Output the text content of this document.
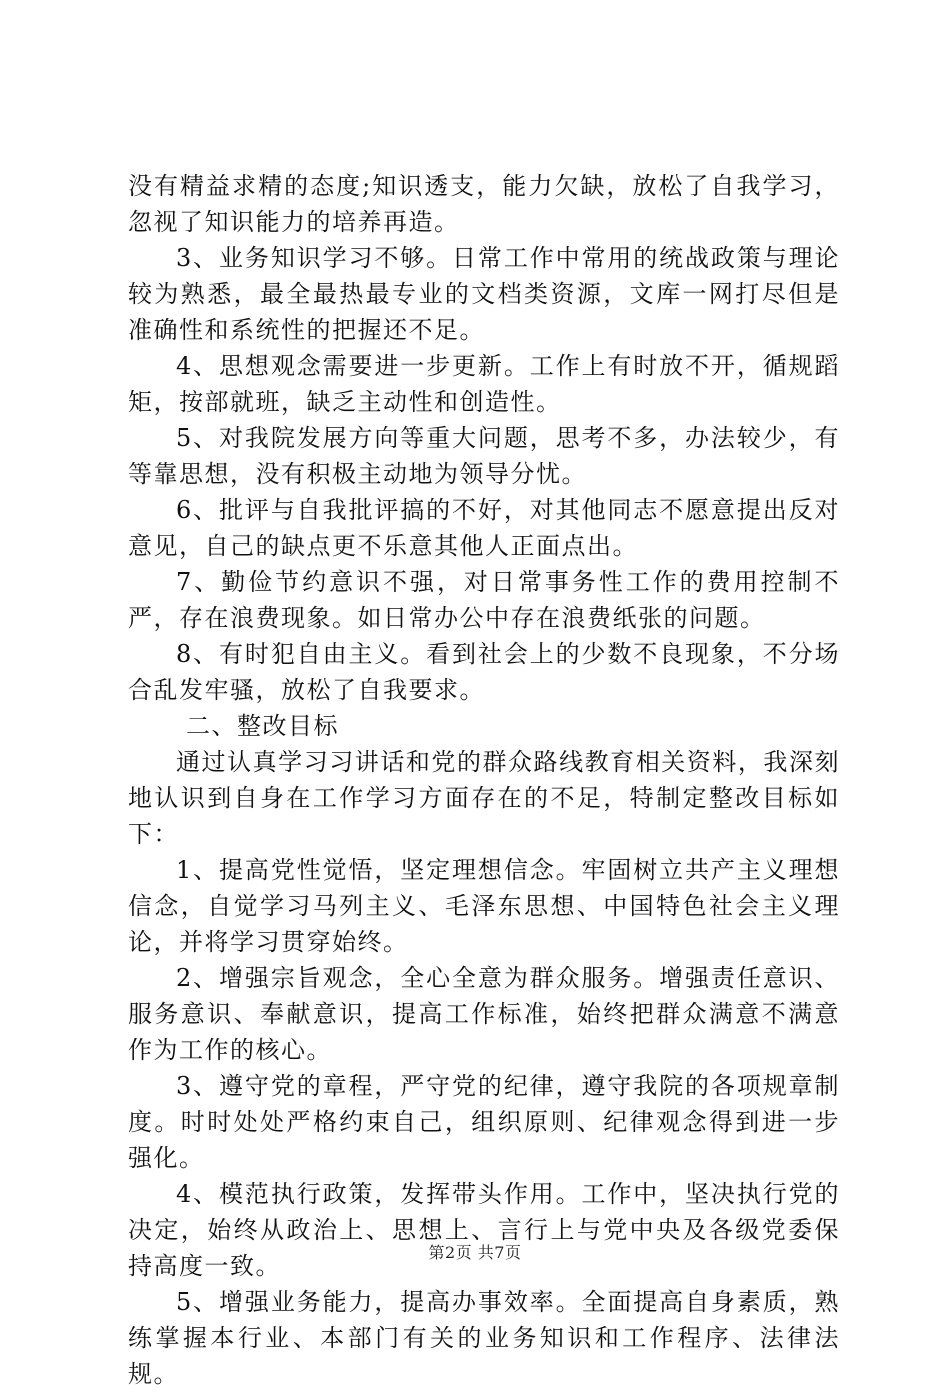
没有精益求精的态度;知识透支，能力欠缺，放松了自我学习，忽视了知识能力的培养再造。

3、业务知识学习不够。日常工作中常用的统战政策与理论较为熟悉，最全最热最专业的文档类资源，文库一网打尽但是准确性和系统性的把握还不足。

4、思想观念需要进一步更新。工作上有时放不开，循规蹈矩，按部就班，缺乏主动性和创造性。

5、对我院发展方向等重大问题，思考不多，办法较少，有等靠思想，没有积极主动地为领导分忧。

6、批评与自我批评搞的不好，对其他同志不愿意提出反对意见，自己的缺点更不乐意其他人正面点出。

7、勤俭节约意识不强，对日常事务性工作的费用控制不严，存在浪费现象。如日常办公中存在浪费纸张的问题。

8、有时犯自由主义。看到社会上的少数不良现象，不分场合乱发牢骚，放松了自我要求。

二、整改目标

通过认真学习习讲话和党的群众路线教育相关资料，我深刻地认识到自身在工作学习方面存在的不足，特制定整改目标如下：

1、提高党性觉悟，坚定理想信念。牢固树立共产主义理想信念，自觉学习马列主义、毛泽东思想、中国特色社会主义理论，并将学习贯穿始终。

2、增强宗旨观念，全心全意为群众服务。增强责任意识、服务意识、奉献意识，提高工作标准，始终把群众满意不满意作为工作的核心。

3、遵守党的章程，严守党的纪律，遵守我院的各项规章制度。时时处处严格约束自己，组织原则、纪律观念得到进一步强化。

4、模范执行政策，发挥带头作用。工作中，坚决执行党的决定，始终从政治上、思想上、言行上与党中央及各级党委保持高度一致。

5、增强业务能力，提高办事效率。全面提高自身素质，熟练掌握本行业、本部门有关的业务知识和工作程序、法律法规。

第2页 共7页
